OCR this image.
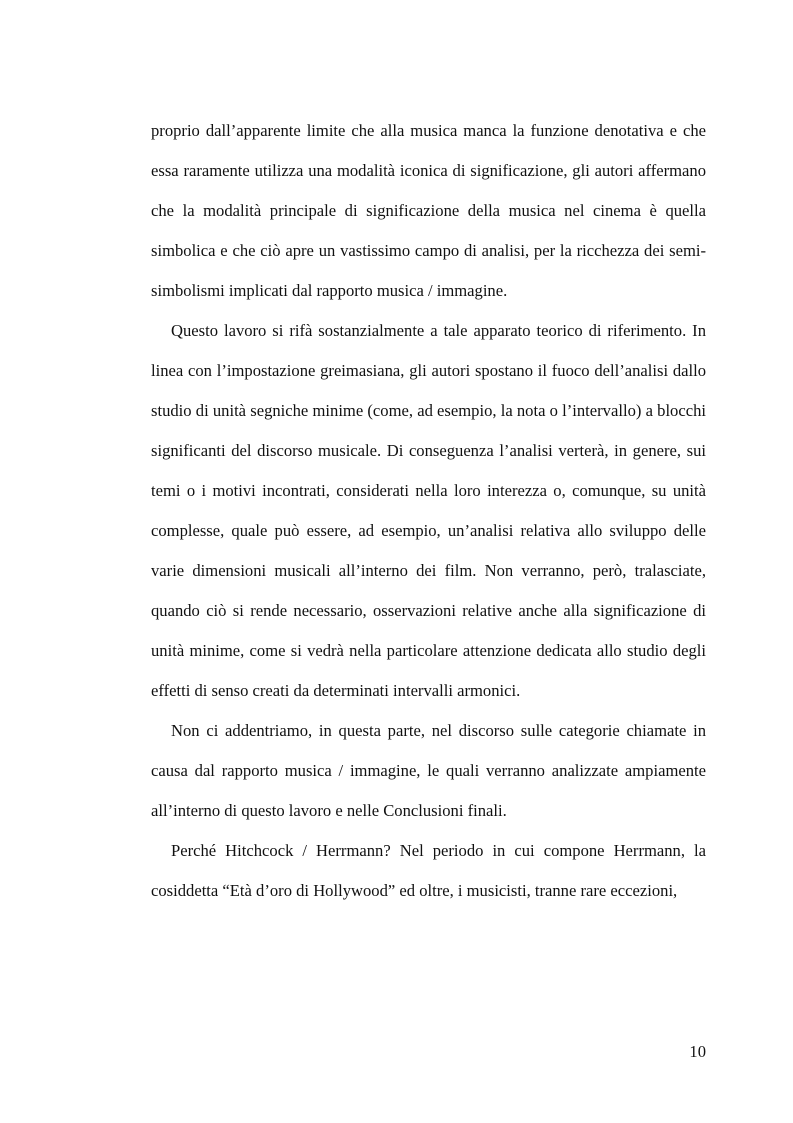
proprio dall’apparente limite che alla musica manca la funzione denotativa e che essa raramente utilizza una modalità iconica di significazione, gli autori affermano che la modalità principale di significazione della musica nel cinema è quella simbolica e che ciò apre un vastissimo campo di analisi, per la ricchezza dei semi-simbolismi implicati dal rapporto musica / immagine.

Questo lavoro si rifà sostanzialmente a tale apparato teorico di riferimento. In linea con l’impostazione greimasiana, gli autori spostano il fuoco dell’analisi dallo studio di unità segniche minime (come, ad esempio, la nota o l’intervallo) a blocchi significanti del discorso musicale. Di conseguenza l’analisi verterà, in genere, sui temi o i motivi incontrati, considerati nella loro interezza o, comunque, su unità complesse, quale può essere, ad esempio, un’analisi relativa allo sviluppo delle varie dimensioni musicali all’interno dei film. Non verranno, però, tralasciate, quando ciò si rende necessario, osservazioni relative anche alla significazione di unità minime, come si vedrà nella particolare attenzione dedicata allo studio degli effetti di senso creati da determinati intervalli armonici.

Non ci addentriamo, in questa parte, nel discorso sulle categorie chiamate in causa dal rapporto musica / immagine, le quali verranno analizzate ampiamente all’interno di questo lavoro e nelle Conclusioni finali.

Perché Hitchcock / Herrmann? Nel periodo in cui compone Herrmann, la cosiddetta “Età d’oro di Hollywood” ed oltre, i musicisti, tranne rare eccezioni,

10
